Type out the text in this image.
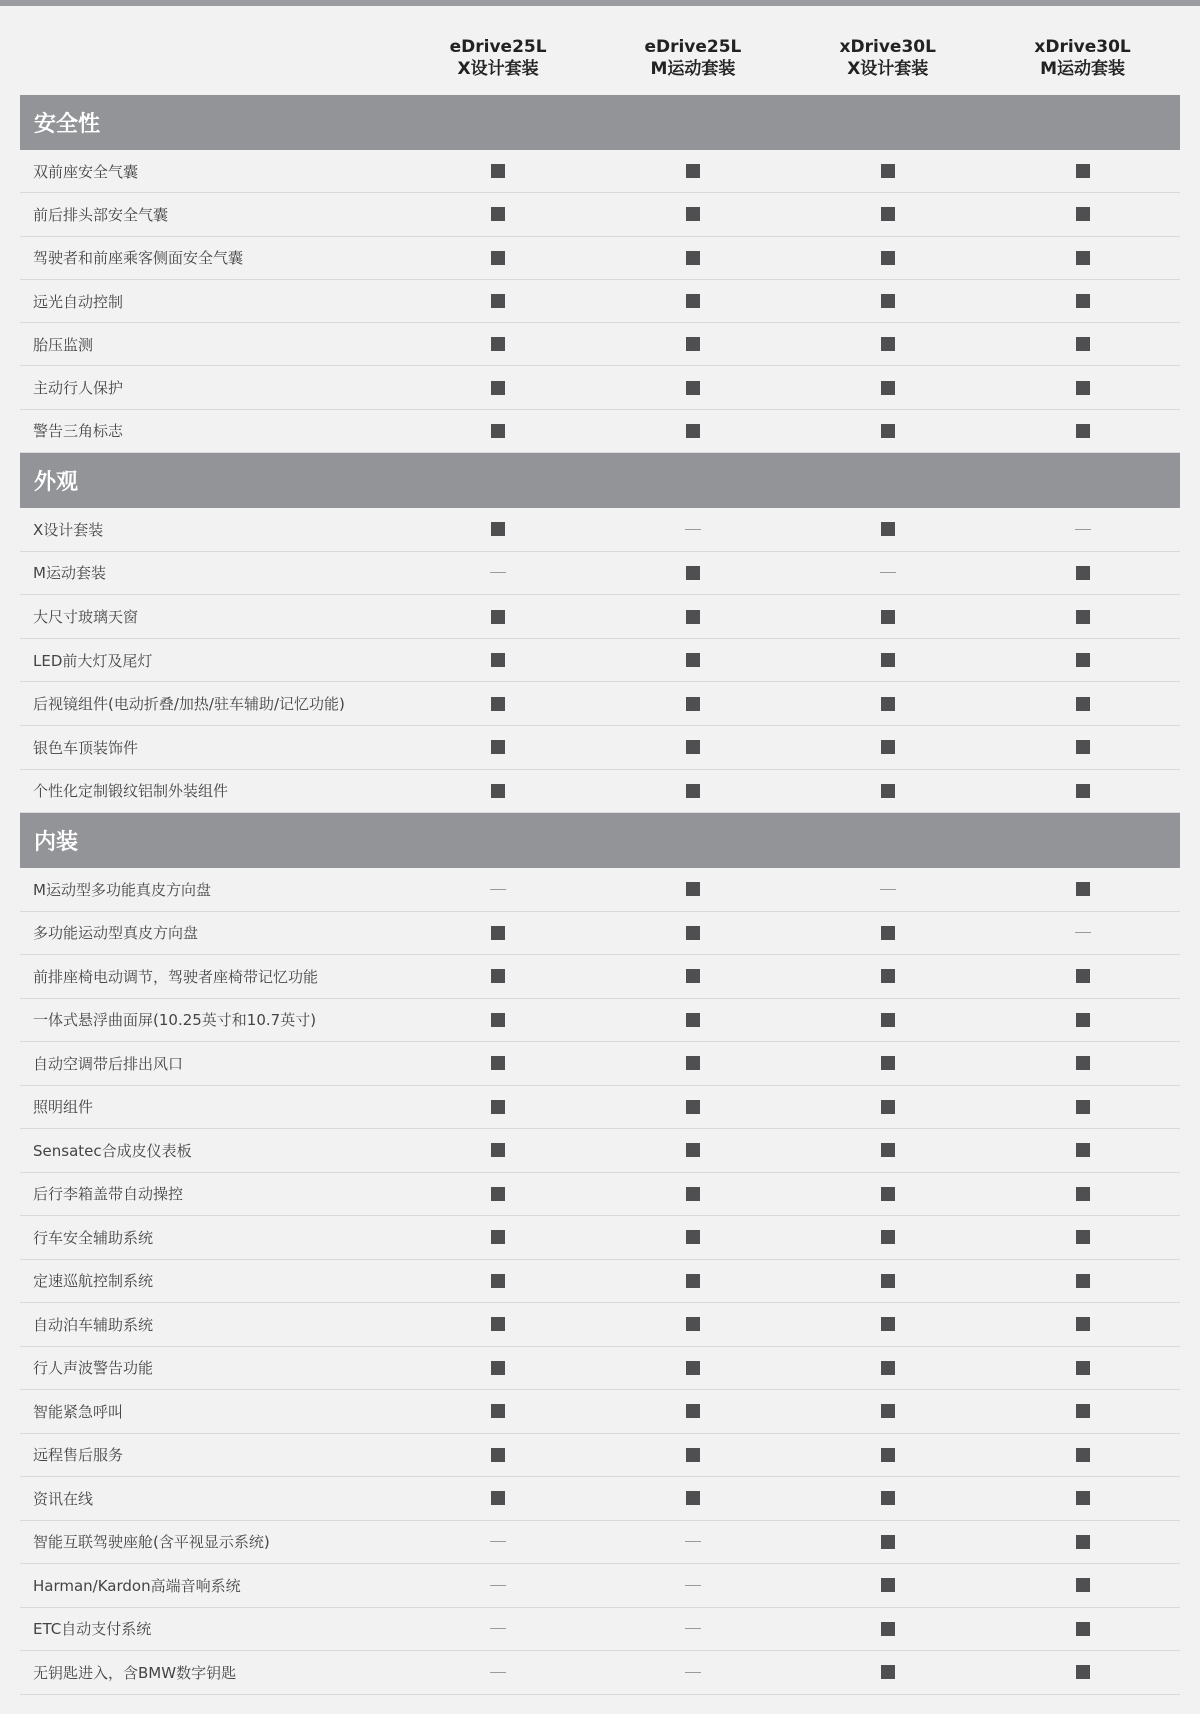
eDrive25L
X设计套装
eDrive25L
M运动套装
xDrive30L
X设计套装
xDrive30L
M运动套装
安全性
双前座安全气囊
前后排头部安全气囊
驾驶者和前座乘客侧面安全气囊
远光自动控制
胎压监测
主动行人保护
警告三角标志
外观
X设计套装
M运动套装
大尺寸玻璃天窗
LED前大灯及尾灯
后视镜组件(电动折叠/加热/驻车辅助/记忆功能)
银色车顶装饰件
个性化定制锻纹铝制外装组件
内装
M运动型多功能真皮方向盘
多功能运动型真皮方向盘
前排座椅电动调节，驾驶者座椅带记忆功能
一体式悬浮曲面屏(10.25英寸和10.7英寸)
自动空调带后排出风口
照明组件
Sensatec合成皮仪表板
后行李箱盖带自动操控
行车安全辅助系统
定速巡航控制系统
自动泊车辅助系统
行人声波警告功能
智能紧急呼叫
远程售后服务
资讯在线
智能互联驾驶座舱(含平视显示系统)
Harman/Kardon高端音响系统
ETC自动支付系统
无钥匙进入，含BMW数字钥匙
